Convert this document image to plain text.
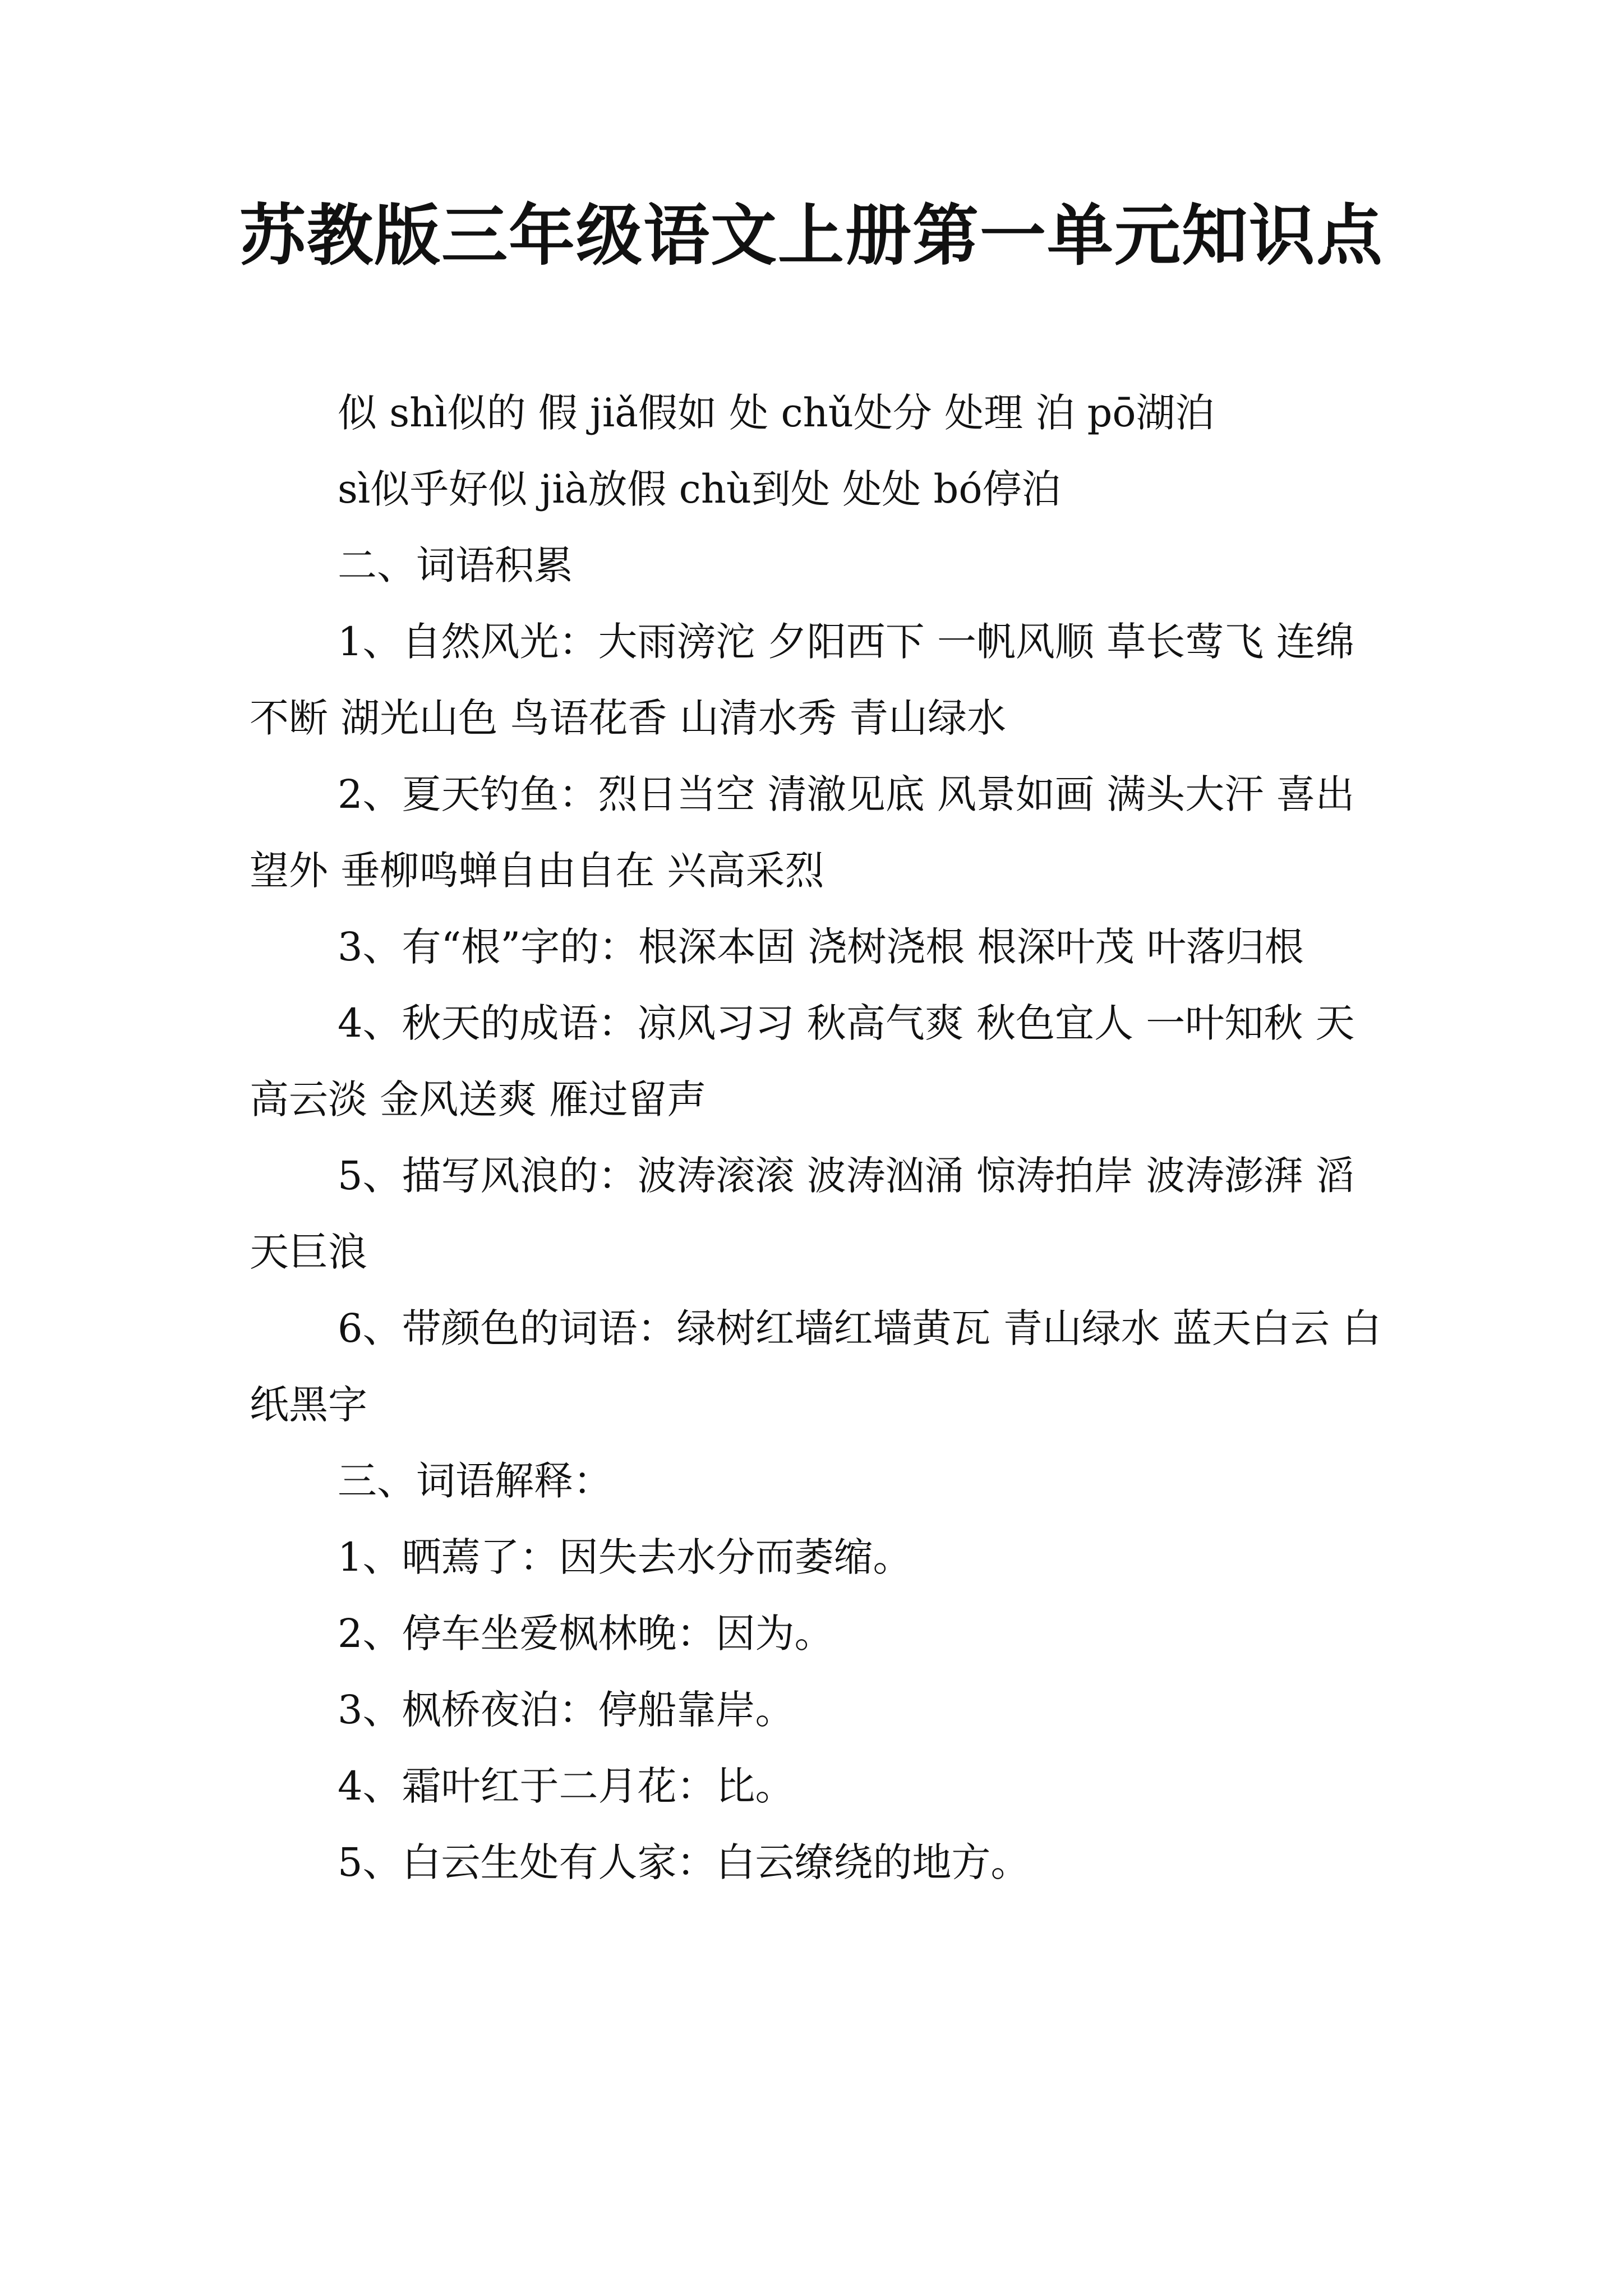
苏教版三年级语文上册第一单元知识点

似 shì似的 假 jiǎ假如 处 chǔ处分 处理 泊 pō湖泊

sì似乎好似 jià放假 chù到处 处处 bó停泊

二、词语积累

1、自然风光：大雨滂沱 夕阳西下 一帆风顺 草长莺飞 连绵不断 湖光山色 鸟语花香 山清水秀 青山绿水

2、夏天钓鱼：烈日当空 清澈见底 风景如画 满头大汗 喜出望外 垂柳鸣蝉自由自在 兴高采烈

3、有“根”字的：根深本固 浇树浇根 根深叶茂 叶落归根

4、秋天的成语：凉风习习 秋高气爽 秋色宜人 一叶知秋 天高云淡 金风送爽 雁过留声

5、描写风浪的：波涛滚滚 波涛汹涌 惊涛拍岸 波涛澎湃 滔天巨浪

6、带颜色的词语：绿树红墙红墙黄瓦 青山绿水 蓝天白云 白纸黑字

三、词语解释：

1、晒蔫了：因失去水分而萎缩。

2、停车坐爱枫林晚：因为。

3、枫桥夜泊：停船靠岸。

4、霜叶红于二月花：比。

5、白云生处有人家：白云缭绕的地方。
